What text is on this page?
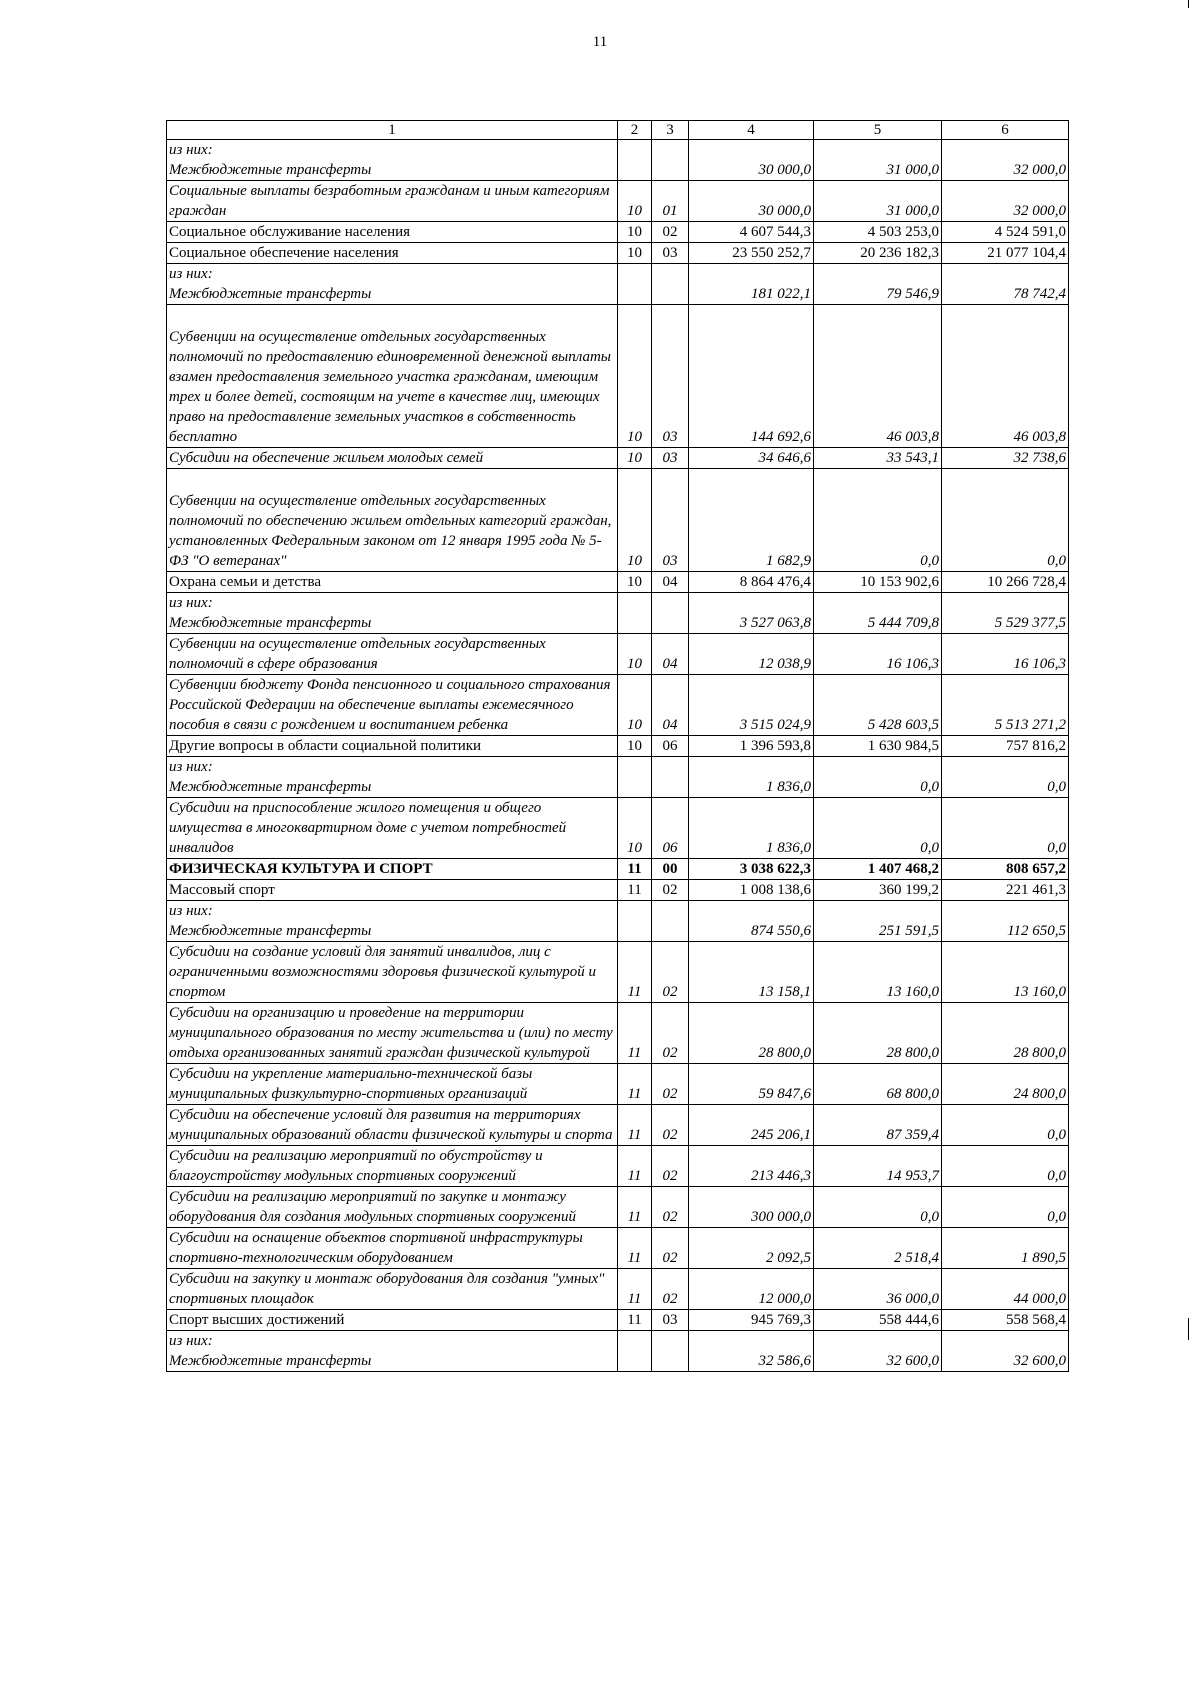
11
1	2	3	4	5	6
из них:
Межбюджетные трансферты			30 000,0	31 000,0	32 000,0
Социальные выплаты безработным гражданам и иным категориям граждан	10	01	30 000,0	31 000,0	32 000,0
Социальное обслуживание населения	10	02	4 607 544,3	4 503 253,0	4 524 591,0
Социальное обеспечение населения	10	03	23 550 252,7	20 236 182,3	21 077 104,4
из них:
Межбюджетные трансферты			181 022,1	79 546,9	78 742,4
Субвенции на осуществление отдельных государственных полномочий по предоставлению единовременной денежной выплаты взамен предоставления земельного участка гражданам, имеющим трех и более детей, состоящим на учете в качестве лиц, имеющих право на предоставление земельных участков в собственность бесплатно	10	03	144 692,6	46 003,8	46 003,8
Субсидии на обеспечение жильем молодых семей	10	03	34 646,6	33 543,1	32 738,6
Субвенции на осуществление отдельных государственных полномочий по обеспечению жильем отдельных категорий граждан, установленных Федеральным законом от 12 января 1995 года № 5-ФЗ "О ветеранах"	10	03	1 682,9	0,0	0,0
Охрана семьи и детства	10	04	8 864 476,4	10 153 902,6	10 266 728,4
из них:
Межбюджетные трансферты			3 527 063,8	5 444 709,8	5 529 377,5
Субвенции на осуществление отдельных государственных полномочий в сфере образования	10	04	12 038,9	16 106,3	16 106,3
Субвенции бюджету Фонда пенсионного и социального страхования Российской Федерации на обеспечение выплаты ежемесячного пособия в связи с рождением и воспитанием ребенка	10	04	3 515 024,9	5 428 603,5	5 513 271,2
Другие вопросы в области социальной политики	10	06	1 396 593,8	1 630 984,5	757 816,2
из них:
Межбюджетные трансферты			1 836,0	0,0	0,0
Субсидии на приспособление жилого помещения и общего имущества в многоквартирном доме с учетом потребностей инвалидов	10	06	1 836,0	0,0	0,0
ФИЗИЧЕСКАЯ КУЛЬТУРА И СПОРТ	11	00	3 038 622,3	1 407 468,2	808 657,2
Массовый спорт	11	02	1 008 138,6	360 199,2	221 461,3
из них:
Межбюджетные трансферты			874 550,6	251 591,5	112 650,5
Субсидии на создание условий для занятий инвалидов, лиц с ограниченными возможностями здоровья физической культурой и спортом	11	02	13 158,1	13 160,0	13 160,0
Субсидии на организацию и проведение на территории муниципального образования по месту жительства и (или) по месту отдыха организованных занятий граждан физической культурой	11	02	28 800,0	28 800,0	28 800,0
Субсидии на укрепление материально-технической базы муниципальных физкультурно-спортивных организаций	11	02	59 847,6	68 800,0	24 800,0
Субсидии на обеспечение условий для развития на территориях муниципальных образований области физической культуры и спорта	11	02	245 206,1	87 359,4	0,0
Субсидии на реализацию мероприятий по обустройству и благоустройству модульных спортивных сооружений	11	02	213 446,3	14 953,7	0,0
Субсидии на реализацию мероприятий по закупке и монтажу оборудования для создания модульных спортивных сооружений	11	02	300 000,0	0,0	0,0
Субсидии на оснащение объектов спортивной инфраструктуры спортивно-технологическим оборудованием	11	02	2 092,5	2 518,4	1 890,5
Субсидии на закупку и монтаж оборудования для создания "умных" спортивных площадок	11	02	12 000,0	36 000,0	44 000,0
Спорт высших достижений	11	03	945 769,3	558 444,6	558 568,4
из них:
Межбюджетные трансферты			32 586,6	32 600,0	32 600,0
